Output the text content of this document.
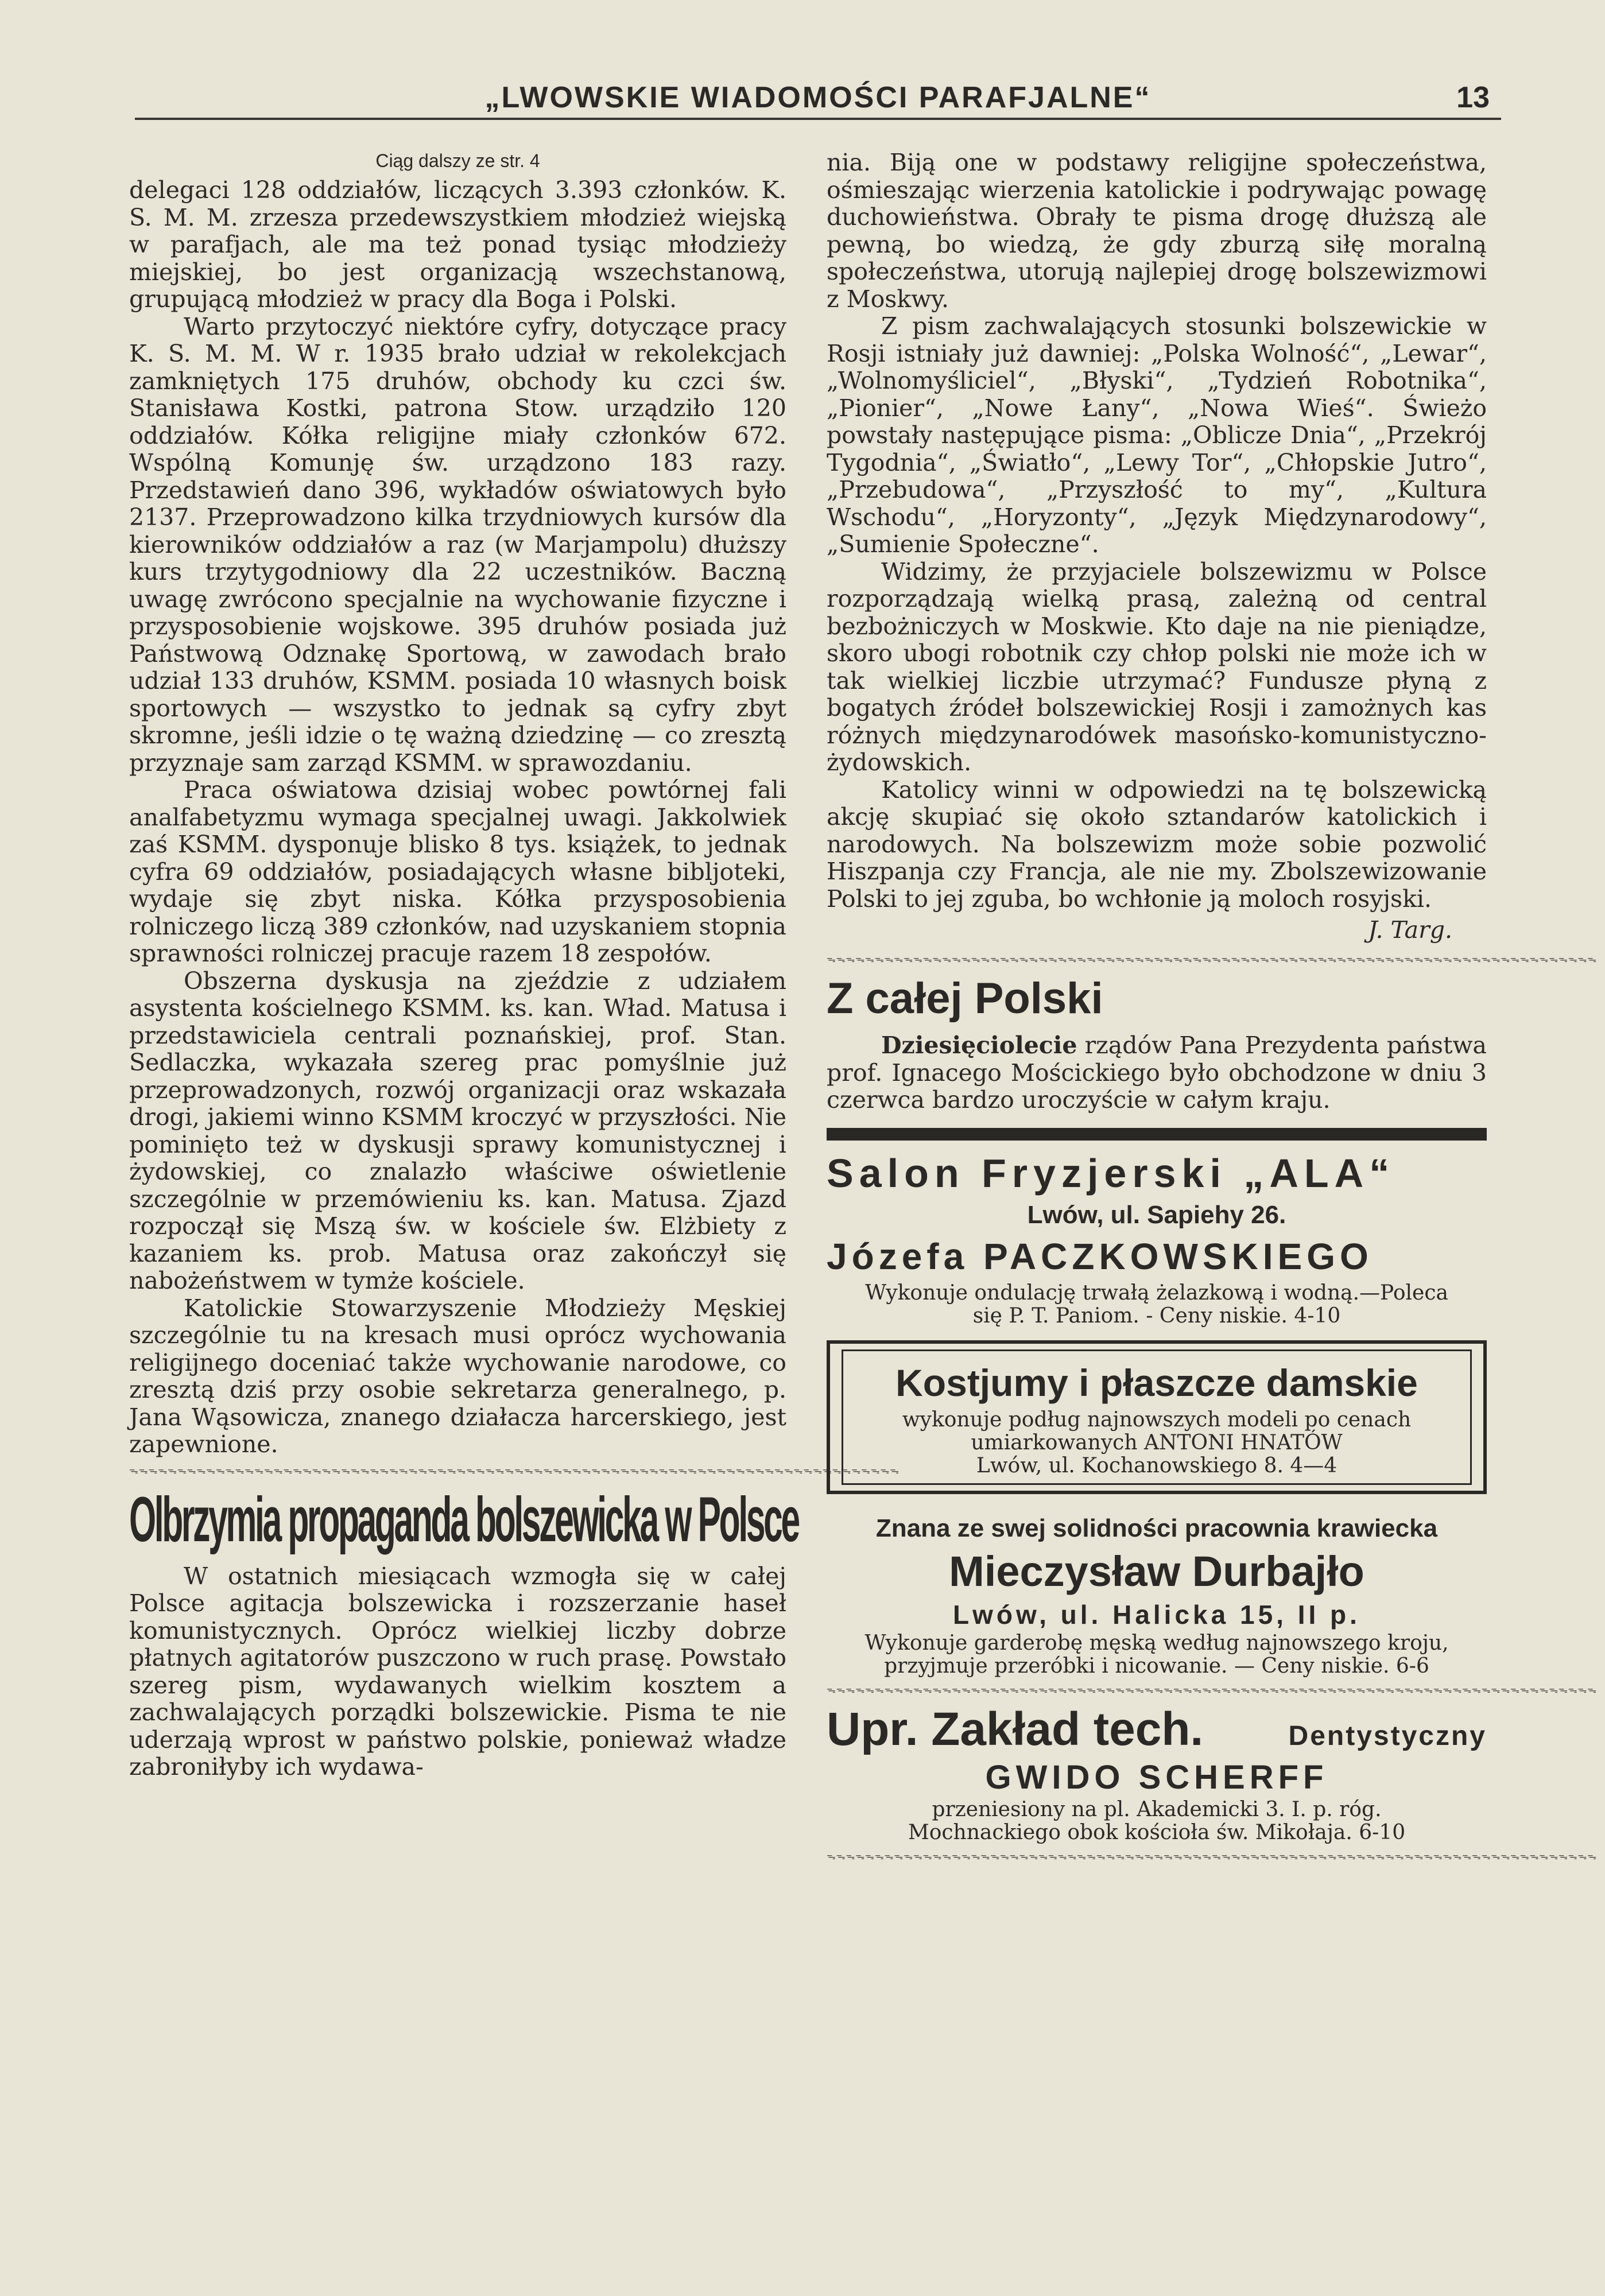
„LWOWSKIE WIADOMOŚCI PARAFJALNE“	13

Ciąg dalszy ze str. 4

delegaci 128 oddziałów, liczących 3.393 członków. K. S. M. M. zrzesza przedewszystkiem młodzież wiejską w parafjach, ale ma też ponad tysiąc młodzieży miejskiej, bo jest organizacją wszechstanową, grupującą młodzież w pracy dla Boga i Polski.

Warto przytoczyć niektóre cyfry, dotyczące pracy K. S. M. M. W r. 1935 brało udział w rekolekcjach zamkniętych 175 druhów, obchody ku czci św. Stanisława Kostki, patrona Stow. urządziło 120 oddziałów. Kółka religijne miały członków 672. Wspólną Komunję św. urządzono 183 razy. Przedstawień dano 396, wykładów oświatowych było 2137. Przeprowadzono kilka trzydniowych kursów dla kierowników oddziałów a raz (w Marjampolu) dłuższy kurs trzytygodniowy dla 22 uczestników. Baczną uwagę zwrócono specjalnie na wychowanie fizyczne i przysposobienie wojskowe. 395 druhów posiada już Państwową Odznakę Sportową, w zawodach brało udział 133 druhów, KSMM. posiada 10 własnych boisk sportowych — wszystko to jednak są cyfry zbyt skromne, jeśli idzie o tę ważną dziedzinę — co zresztą przyznaje sam zarząd KSMM. w sprawozdaniu.

Praca oświatowa dzisiaj wobec powtórnej fali analfabetyzmu wymaga specjalnej uwagi. Jakkolwiek zaś KSMM. dysponuje blisko 8 tys. książek, to jednak cyfra 69 oddziałów, posiadających własne bibljoteki, wydaje się zbyt niska. Kółka przysposobienia rolniczego liczą 389 członków, nad uzyskaniem stopnia sprawności rolniczej pracuje razem 18 zespołów.

Obszerna dyskusja na zjeździe z udziałem asystenta kościelnego KSMM. ks. kan. Wład. Matusa i przedstawiciela centrali poznańskiej, prof. Stan. Sedlaczka, wykazała szereg prac pomyślnie już przeprowadzonych, rozwój organizacji oraz wskazała drogi, jakiemi winno KSMM kroczyć w przyszłości. Nie pominięto też w dyskusji sprawy komunistycznej i żydowskiej, co znalazło właściwe oświetlenie szczególnie w przemówieniu ks. kan. Matusa. Zjazd rozpoczął się Mszą św. w kościele św. Elżbiety z kazaniem ks. prob. Matusa oraz zakończył się nabożeństwem w tymże kościele.

Katolickie Stowarzyszenie Młodzieży Męskiej szczególnie tu na kresach musi oprócz wychowania religijnego doceniać także wychowanie narodowe, co zresztą dziś przy osobie sekretarza generalnego, p. Jana Wąsowicza, znanego działacza harcerskiego, jest zapewnione.

ᯓᯓᯓᯓᯓᯓᯓᯓᯓᯓᯓᯓᯓᯓᯓᯓᯓᯓᯓᯓᯓᯓᯓᯓᯓᯓᯓᯓᯓᯓᯓᯓᯓᯓᯓᯓᯓᯓᯓᯓᯓᯓᯓᯓᯓᯓᯓᯓᯓᯓᯓᯓᯓᯓᯓᯓᯓᯓᯓᯓᯓᯓᯓᯓᯓᯓᯓᯓᯓᯓᯓᯓᯓᯓᯓᯓᯓᯓᯓᯓ
Olbrzymia propaganda bolszewicka w Polsce

W ostatnich miesiącach wzmogła się w całej Polsce agitacja bolszewicka i rozszerzanie haseł komunistycznych. Oprócz wielkiej liczby dobrze płatnych agitatorów puszczono w ruch prasę. Powstało szereg pism, wydawanych wielkim kosztem a zachwalających porządki bolszewickie. Pisma te nie uderzają wprost w państwo polskie, ponieważ władze zabroniłyby ich wydawa-

nia. Biją one w podstawy religijne społeczeństwa, ośmieszając wierzenia katolickie i podrywając powagę duchowieństwa. Obrały te pisma drogę dłuższą ale pewną, bo wiedzą, że gdy zburzą siłę moralną społeczeństwa, utorują najlepiej drogę bolszewizmowi z Moskwy.

Z pism zachwalających stosunki bolszewickie w Rosji istniały już dawniej: „Polska Wolność“, „Lewar“, „Wolnomyśliciel“, „Błyski“, „Tydzień Robotnika“, „Pionier“, „Nowe Łany“, „Nowa Wieś“. Świeżo powstały następujące pisma: „Oblicze Dnia“, „Przekrój Tygodnia“, „Światło“, „Lewy Tor“, „Chłopskie Jutro“, „Przebudowa“, „Przyszłość to my“, „Kultura Wschodu“, „Horyzonty“, „Język Międzynarodowy“, „Sumienie Społeczne“.

Widzimy, że przyjaciele bolszewizmu w Polsce rozporządzają wielką prasą, zależną od central bezbożniczych w Moskwie. Kto daje na nie pieniądze, skoro ubogi robotnik czy chłop polski nie może ich w tak wielkiej liczbie utrzymać? Fundusze płyną z bogatych źródeł bolszewickiej Rosji i zamożnych kas różnych międzynarodówek masońsko-komunistyczno-żydowskich.

Katolicy winni w odpowiedzi na tę bolszewicką akcję skupiać się około sztandarów katolickich i narodowych. Na bolszewizm może sobie pozwolić Hiszpanja czy Francja, ale nie my. Zbolszewizowanie Polski to jej zguba, bo wchłonie ją moloch rosyjski.

J. Targ.
ᯓᯓᯓᯓᯓᯓᯓᯓᯓᯓᯓᯓᯓᯓᯓᯓᯓᯓᯓᯓᯓᯓᯓᯓᯓᯓᯓᯓᯓᯓᯓᯓᯓᯓᯓᯓᯓᯓᯓᯓᯓᯓᯓᯓᯓᯓᯓᯓᯓᯓᯓᯓᯓᯓᯓᯓᯓᯓᯓᯓᯓᯓᯓᯓᯓᯓᯓᯓᯓᯓᯓᯓᯓᯓᯓᯓᯓᯓᯓᯓ
Z całej Polski

Dziesięciolecie rządów Pana Prezydenta państwa prof. Ignacego Mościckiego było obchodzone w dniu 3 czerwca bardzo uroczyście w całym kraju.

Salon Fryzjerski „ALA“
Lwów, ul. Sapiehy 26.
Józefa PACZKOWSKIEGO

Wykonuje ondulację trwałą żelazkową i wodną.—Poleca

się P. T. Paniom. - Ceny niskie. 4-10

Kostjumy i płaszcze damskie

wykonuje podług najnowszych modeli po cenach

umiarkowanych ANTONI HNATÓW

Lwów, ul. Kochanowskiego 8. 4—4

Znana ze swej solidności pracownia krawiecka
Mieczysław Durbajło
Lwów, ul. Halicka 15, II p.

Wykonuje garderobę męską według najnowszego kroju,

przyjmuje przeróbki i nicowanie. — Ceny niskie. 6-6

ᯓᯓᯓᯓᯓᯓᯓᯓᯓᯓᯓᯓᯓᯓᯓᯓᯓᯓᯓᯓᯓᯓᯓᯓᯓᯓᯓᯓᯓᯓᯓᯓᯓᯓᯓᯓᯓᯓᯓᯓᯓᯓᯓᯓᯓᯓᯓᯓᯓᯓᯓᯓᯓᯓᯓᯓᯓᯓᯓᯓᯓᯓᯓᯓᯓᯓᯓᯓᯓᯓᯓᯓᯓᯓᯓᯓᯓᯓᯓᯓ
Upr. Zakład tech.	Dentystyczny
GWIDO SCHERFF

przeniesiony na pl. Akademicki 3. I. p. róg.

Mochnackiego obok kościoła św. Mikołaja. 6-10

ᯓᯓᯓᯓᯓᯓᯓᯓᯓᯓᯓᯓᯓᯓᯓᯓᯓᯓᯓᯓᯓᯓᯓᯓᯓᯓᯓᯓᯓᯓᯓᯓᯓᯓᯓᯓᯓᯓᯓᯓᯓᯓᯓᯓᯓᯓᯓᯓᯓᯓᯓᯓᯓᯓᯓᯓᯓᯓᯓᯓᯓᯓᯓᯓᯓᯓᯓᯓᯓᯓᯓᯓᯓᯓᯓᯓᯓᯓᯓᯓ
